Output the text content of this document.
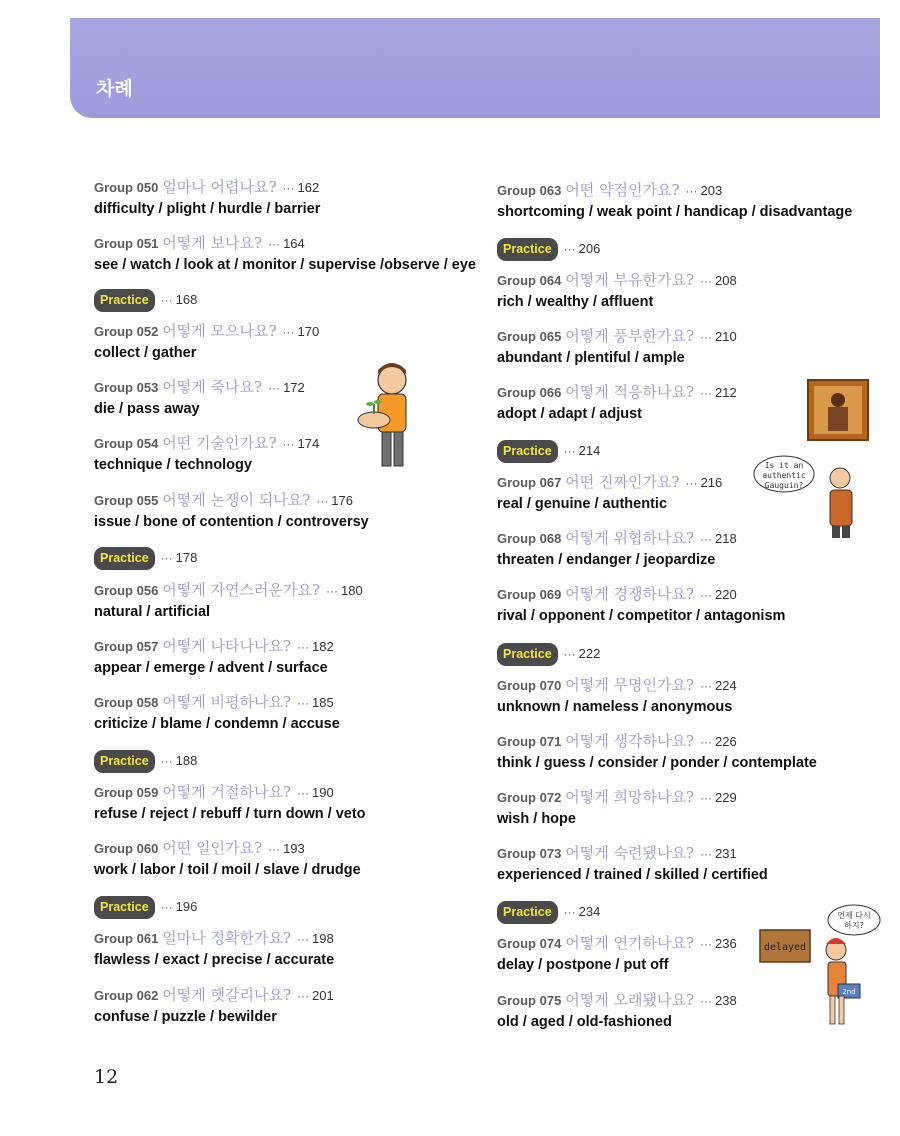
차례
Group 050 얼마나 어렵나요? ··· 162
difficulty / plight / hurdle / barrier
Group 051 어떻게 보나요? ··· 164
see / watch / look at / monitor / supervise /observe / eye
Practice ··· 168
Group 052 어떻게 모으나요? ··· 170
collect / gather
Group 053 어떻게 죽나요? ··· 172
die / pass away
Group 054 어떤 기술인가요? ··· 174
technique / technology
Group 055 어떻게 논쟁이 되나요? ··· 176
issue / bone of contention / controversy
Practice ··· 178
Group 056 어떻게 자연스러운가요? ··· 180
natural / artificial
Group 057 어떻게 나타나나요? ··· 182
appear / emerge / advent / surface
Group 058 어떻게 비평하나요? ··· 185
criticize / blame / condemn / accuse
Practice ··· 188
Group 059 어떻게 거절하나요? ··· 190
refuse / reject / rebuff / turn down / veto
Group 060 어떤 일인가요? ··· 193
work / labor / toil / moil / slave / drudge
Practice ··· 196
Group 061 얼마나 정확한가요? ··· 198
flawless / exact / precise / accurate
Group 062 어떻게 헷갈리나요? ··· 201
confuse / puzzle / bewilder
Group 063 어떤 약점인가요? ··· 203
shortcoming / weak point / handicap / disadvantage
Practice ··· 206
Group 064 어떻게 부유한가요? ··· 208
rich / wealthy / affluent
Group 065 어떻게 풍부한가요? ··· 210
abundant / plentiful / ample
Group 066 어떻게 적응하나요? ··· 212
adopt / adapt / adjust
Practice ··· 214
Group 067 어떤 진짜인가요? ··· 216
real / genuine / authentic
Group 068 어떻게 위협하나요? ··· 218
threaten / endanger / jeopardize
Group 069 어떻게 경쟁하나요? ··· 220
rival / opponent / competitor / antagonism
Practice ··· 222
Group 070 어떻게 무명인가요? ··· 224
unknown / nameless / anonymous
Group 071 어떻게 생각하나요? ··· 226
think / guess / consider / ponder / contemplate
Group 072 어떻게 희망하나요? ··· 229
wish / hope
Group 073 어떻게 숙련됐나요? ··· 231
experienced / trained / skilled / certified
Practice ··· 234
Group 074 어떻게 연기하나요? ··· 236
delay / postpone / put off
Group 075 어떻게 오래됐나요? ··· 238
old / aged / old-fashioned
Is it an
authentic
Gauguin?
delayed
언제 다시
하지?
2nd
12
